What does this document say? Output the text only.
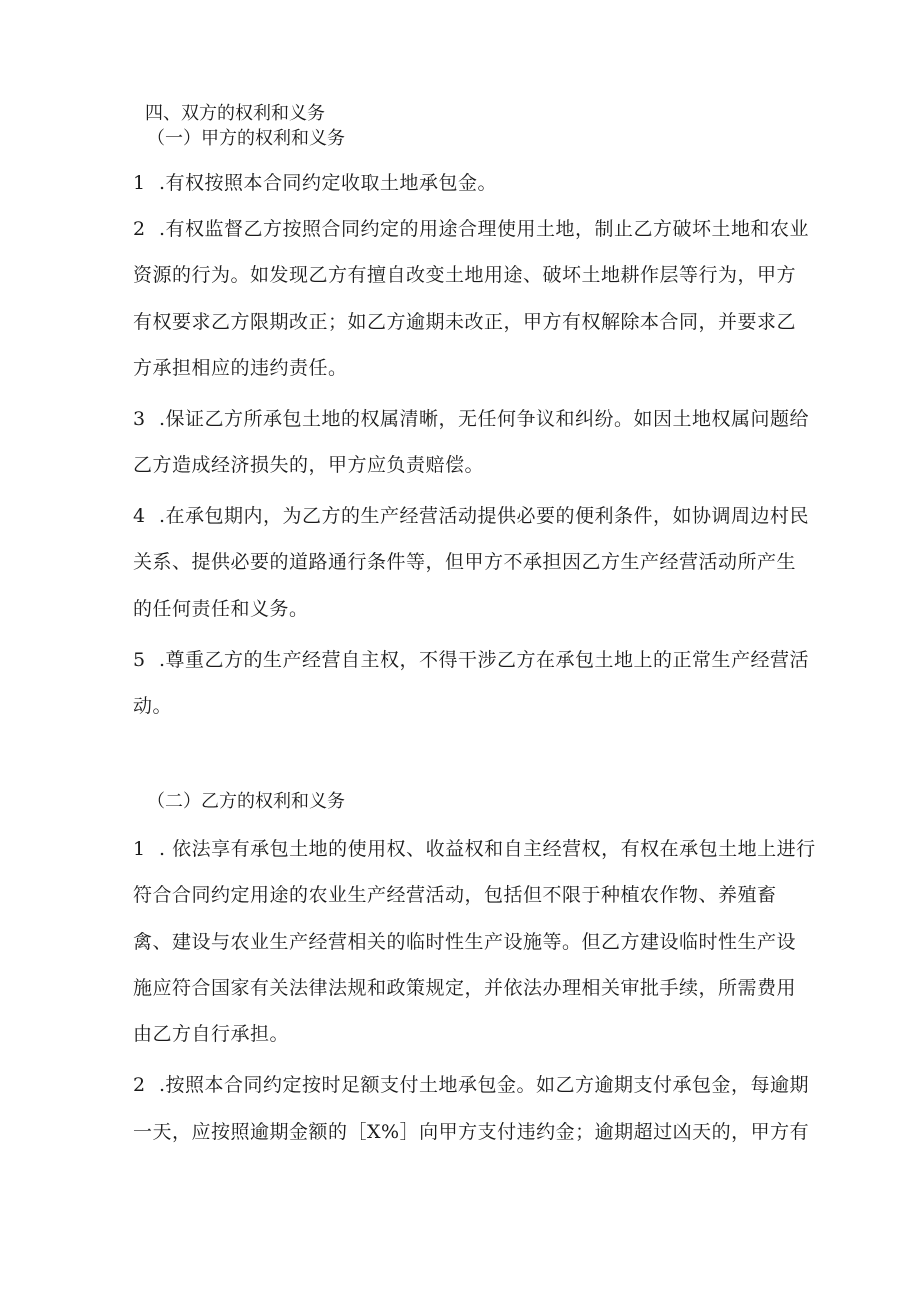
四、双方的权利和义务
（一）甲方的权利和义务
1 .有权按照本合同约定收取土地承包金。
2 .有权监督乙方按照合同约定的用途合理使用土地，制止乙方破坏土地和农业
资源的行为。如发现乙方有擅自改变土地用途、破坏土地耕作层等行为，甲方
有权要求乙方限期改正；如乙方逾期未改正，甲方有权解除本合同，并要求乙
方承担相应的违约责任。
3 .保证乙方所承包土地的权属清晰，无任何争议和纠纷。如因土地权属问题给
乙方造成经济损失的，甲方应负责赔偿。
4 .在承包期内，为乙方的生产经营活动提供必要的便利条件，如协调周边村民
关系、提供必要的道路通行条件等，但甲方不承担因乙方生产经营活动所产生
的任何责任和义务。
5 .尊重乙方的生产经营自主权，不得干涉乙方在承包土地上的正常生产经营活
动。
（二）乙方的权利和义务
1 . 依法享有承包土地的使用权、收益权和自主经营权，有权在承包土地上进行
符合合同约定用途的农业生产经营活动，包括但不限于种植农作物、养殖畜
禽、建设与农业生产经营相关的临时性生产设施等。但乙方建设临时性生产设
施应符合国家有关法律法规和政策规定，并依法办理相关审批手续，所需费用
由乙方自行承担。
2 .按照本合同约定按时足额支付土地承包金。如乙方逾期支付承包金，每逾期
一天，应按照逾期金额的［X%］向甲方支付违约金；逾期超过凶天的，甲方有
